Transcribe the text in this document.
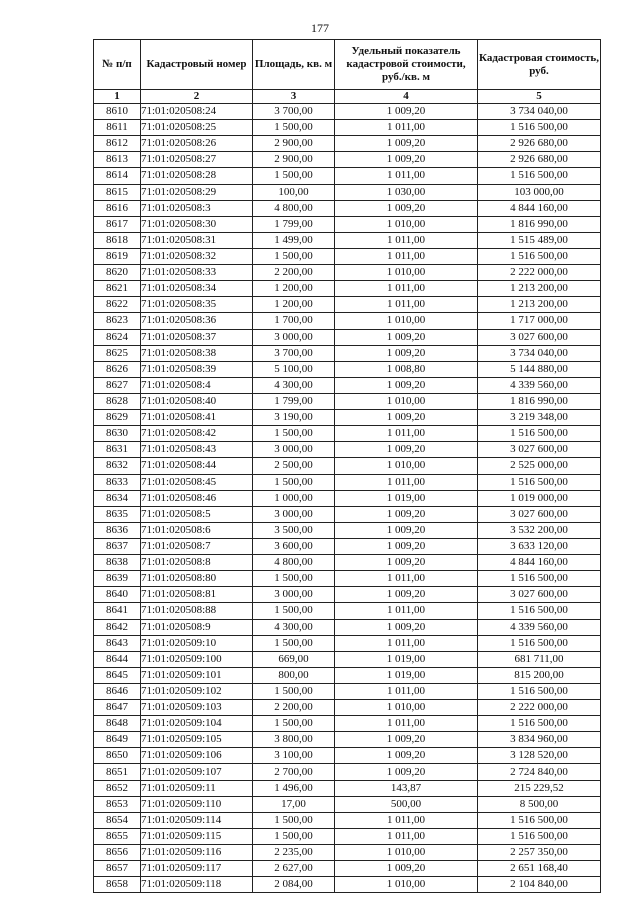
177
№ п/п	Кадастровый номер	Площадь, кв. м	Удельный показатель кадастровой стоимости, руб./кв. м	Кадастровая стоимость, руб.
1	2	3	4	5
8610	71:01:020508:24	3 700,00	1 009,20	3 734 040,00
8611	71:01:020508:25	1 500,00	1 011,00	1 516 500,00
8612	71:01:020508:26	2 900,00	1 009,20	2 926 680,00
8613	71:01:020508:27	2 900,00	1 009,20	2 926 680,00
8614	71:01:020508:28	1 500,00	1 011,00	1 516 500,00
8615	71:01:020508:29	100,00	1 030,00	103 000,00
8616	71:01:020508:3	4 800,00	1 009,20	4 844 160,00
8617	71:01:020508:30	1 799,00	1 010,00	1 816 990,00
8618	71:01:020508:31	1 499,00	1 011,00	1 515 489,00
8619	71:01:020508:32	1 500,00	1 011,00	1 516 500,00
8620	71:01:020508:33	2 200,00	1 010,00	2 222 000,00
8621	71:01:020508:34	1 200,00	1 011,00	1 213 200,00
8622	71:01:020508:35	1 200,00	1 011,00	1 213 200,00
8623	71:01:020508:36	1 700,00	1 010,00	1 717 000,00
8624	71:01:020508:37	3 000,00	1 009,20	3 027 600,00
8625	71:01:020508:38	3 700,00	1 009,20	3 734 040,00
8626	71:01:020508:39	5 100,00	1 008,80	5 144 880,00
8627	71:01:020508:4	4 300,00	1 009,20	4 339 560,00
8628	71:01:020508:40	1 799,00	1 010,00	1 816 990,00
8629	71:01:020508:41	3 190,00	1 009,20	3 219 348,00
8630	71:01:020508:42	1 500,00	1 011,00	1 516 500,00
8631	71:01:020508:43	3 000,00	1 009,20	3 027 600,00
8632	71:01:020508:44	2 500,00	1 010,00	2 525 000,00
8633	71:01:020508:45	1 500,00	1 011,00	1 516 500,00
8634	71:01:020508:46	1 000,00	1 019,00	1 019 000,00
8635	71:01:020508:5	3 000,00	1 009,20	3 027 600,00
8636	71:01:020508:6	3 500,00	1 009,20	3 532 200,00
8637	71:01:020508:7	3 600,00	1 009,20	3 633 120,00
8638	71:01:020508:8	4 800,00	1 009,20	4 844 160,00
8639	71:01:020508:80	1 500,00	1 011,00	1 516 500,00
8640	71:01:020508:81	3 000,00	1 009,20	3 027 600,00
8641	71:01:020508:88	1 500,00	1 011,00	1 516 500,00
8642	71:01:020508:9	4 300,00	1 009,20	4 339 560,00
8643	71:01:020509:10	1 500,00	1 011,00	1 516 500,00
8644	71:01:020509:100	669,00	1 019,00	681 711,00
8645	71:01:020509:101	800,00	1 019,00	815 200,00
8646	71:01:020509:102	1 500,00	1 011,00	1 516 500,00
8647	71:01:020509:103	2 200,00	1 010,00	2 222 000,00
8648	71:01:020509:104	1 500,00	1 011,00	1 516 500,00
8649	71:01:020509:105	3 800,00	1 009,20	3 834 960,00
8650	71:01:020509:106	3 100,00	1 009,20	3 128 520,00
8651	71:01:020509:107	2 700,00	1 009,20	2 724 840,00
8652	71:01:020509:11	1 496,00	143,87	215 229,52
8653	71:01:020509:110	17,00	500,00	8 500,00
8654	71:01:020509:114	1 500,00	1 011,00	1 516 500,00
8655	71:01:020509:115	1 500,00	1 011,00	1 516 500,00
8656	71:01:020509:116	2 235,00	1 010,00	2 257 350,00
8657	71:01:020509:117	2 627,00	1 009,20	2 651 168,40
8658	71:01:020509:118	2 084,00	1 010,00	2 104 840,00
